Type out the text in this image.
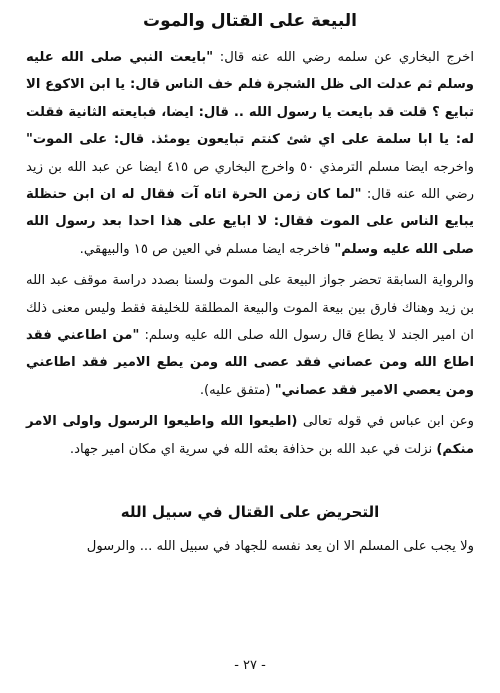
البيعة على القتال والموت

اخرج البخاري عن سلمه رضي الله عنه قال: "بايعت النبي صلى الله عليه وسلم ثم عدلت الى ظل الشجرة فلم خف الناس قال: يا ابن الاكوع الا تبايع ؟ قلت قد بايعت يا رسول الله .. قال: ايضا، فبايعته الثانية فقلت له: يا ابا سلمة على اي شئ كنتم تبايعون يومئذ. قال: على الموت" واخرجه ايضا مسلم الترمذي ٥٠ واخرج البخاري ص ٤١٥ ايضا عن عبد الله بن زيد رضي الله عنه قال: "لما كان زمن الحرة اتاه آت فقال له ان ابن حنظلة يبايع الناس على الموت فقال: لا ابايع على هذا احدا بعد رسول الله صلى الله عليه وسلم" فاخرجه ايضا مسلم في العين ص ١٥ والبيهقي.

والرواية السابقة تحضر جواز البيعة على الموت ولسنا بصدد دراسة موقف عبد الله بن زيد وهناك فارق بين بيعة الموت والبيعة المطلقة للخليفة فقط وليس معنى ذلك ان امير الجند لا يطاع قال رسول الله صلى الله عليه وسلم: "من اطاعني فقد اطاع الله ومن عصاني فقد عصى الله ومن يطع الامير فقد اطاعني ومن يعصي الامير فقد عصاني" (متفق عليه).

وعن ابن عباس في قوله تعالى (اطيعوا الله واطيعوا الرسول واولى الامر منكم) نزلت في عبد الله بن حذافة بعثه الله في سرية اي مكان امير جهاد.

التحريض على القتال في سبيل الله

ولا يجب على المسلم الا ان يعد نفسه للجهاد في سبيل الله ... والرسول

- ٢٧ -
